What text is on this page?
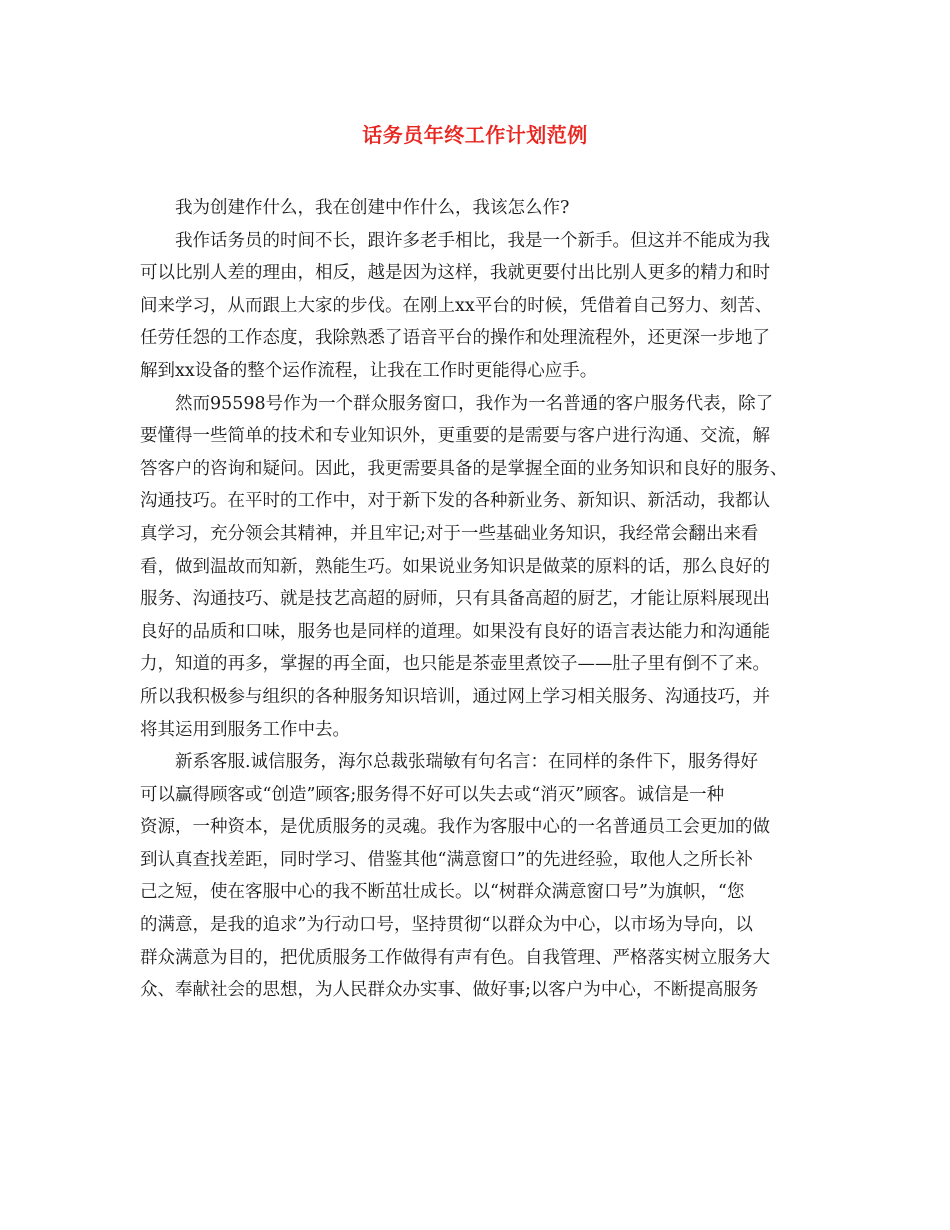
话务员年终工作计划范例

我为创建作什么，我在创建中作什么，我该怎么作?

我作话务员的时间不长，跟许多老手相比，我是一个新手。但这并不能成为我
可以比别人差的理由，相反，越是因为这样，我就更要付出比别人更多的精力和时
间来学习，从而跟上大家的步伐。在刚上xx平台的时候，凭借着自己努力、刻苦、
任劳任怨的工作态度，我除熟悉了语音平台的操作和处理流程外，还更深一步地了
解到xx设备的整个运作流程，让我在工作时更能得心应手。

然而95598号作为一个群众服务窗口，我作为一名普通的客户服务代表，除了
要懂得一些简单的技术和专业知识外，更重要的是需要与客户进行沟通、交流，解
答客户的咨询和疑问。因此，我更需要具备的是掌握全面的业务知识和良好的服务、
沟通技巧。在平时的工作中，对于新下发的各种新业务、新知识、新活动，我都认
真学习，充分领会其精神，并且牢记;对于一些基础业务知识，我经常会翻出来看
看，做到温故而知新，熟能生巧。如果说业务知识是做菜的原料的话，那么良好的
服务、沟通技巧、就是技艺高超的厨师，只有具备高超的厨艺，才能让原料展现出
良好的品质和口味，服务也是同样的道理。如果没有良好的语言表达能力和沟通能
力，知道的再多，掌握的再全面，也只能是茶壶里煮饺子——肚子里有倒不了来。
所以我积极参与组织的各种服务知识培训，通过网上学习相关服务、沟通技巧，并
将其运用到服务工作中去。

新系客服.诚信服务，海尔总裁张瑞敏有句名言：在同样的条件下，服务得好
可以赢得顾客或“创造”顾客;服务得不好可以失去或“消灭”顾客。诚信是一种
资源，一种资本，是优质服务的灵魂。我作为客服中心的一名普通员工会更加的做
到认真查找差距，同时学习、借鉴其他“满意窗口”的先进经验，取他人之所长补
己之短，使在客服中心的我不断茁壮成长。以“树群众满意窗口号”为旗帜，“您
的满意，是我的追求”为行动口号，坚持贯彻“以群众为中心，以市场为导向，以
群众满意为目的，把优质服务工作做得有声有色。自我管理、严格落实树立服务大
众、奉献社会的思想，为人民群众办实事、做好事;以客户为中心，不断提高服务
